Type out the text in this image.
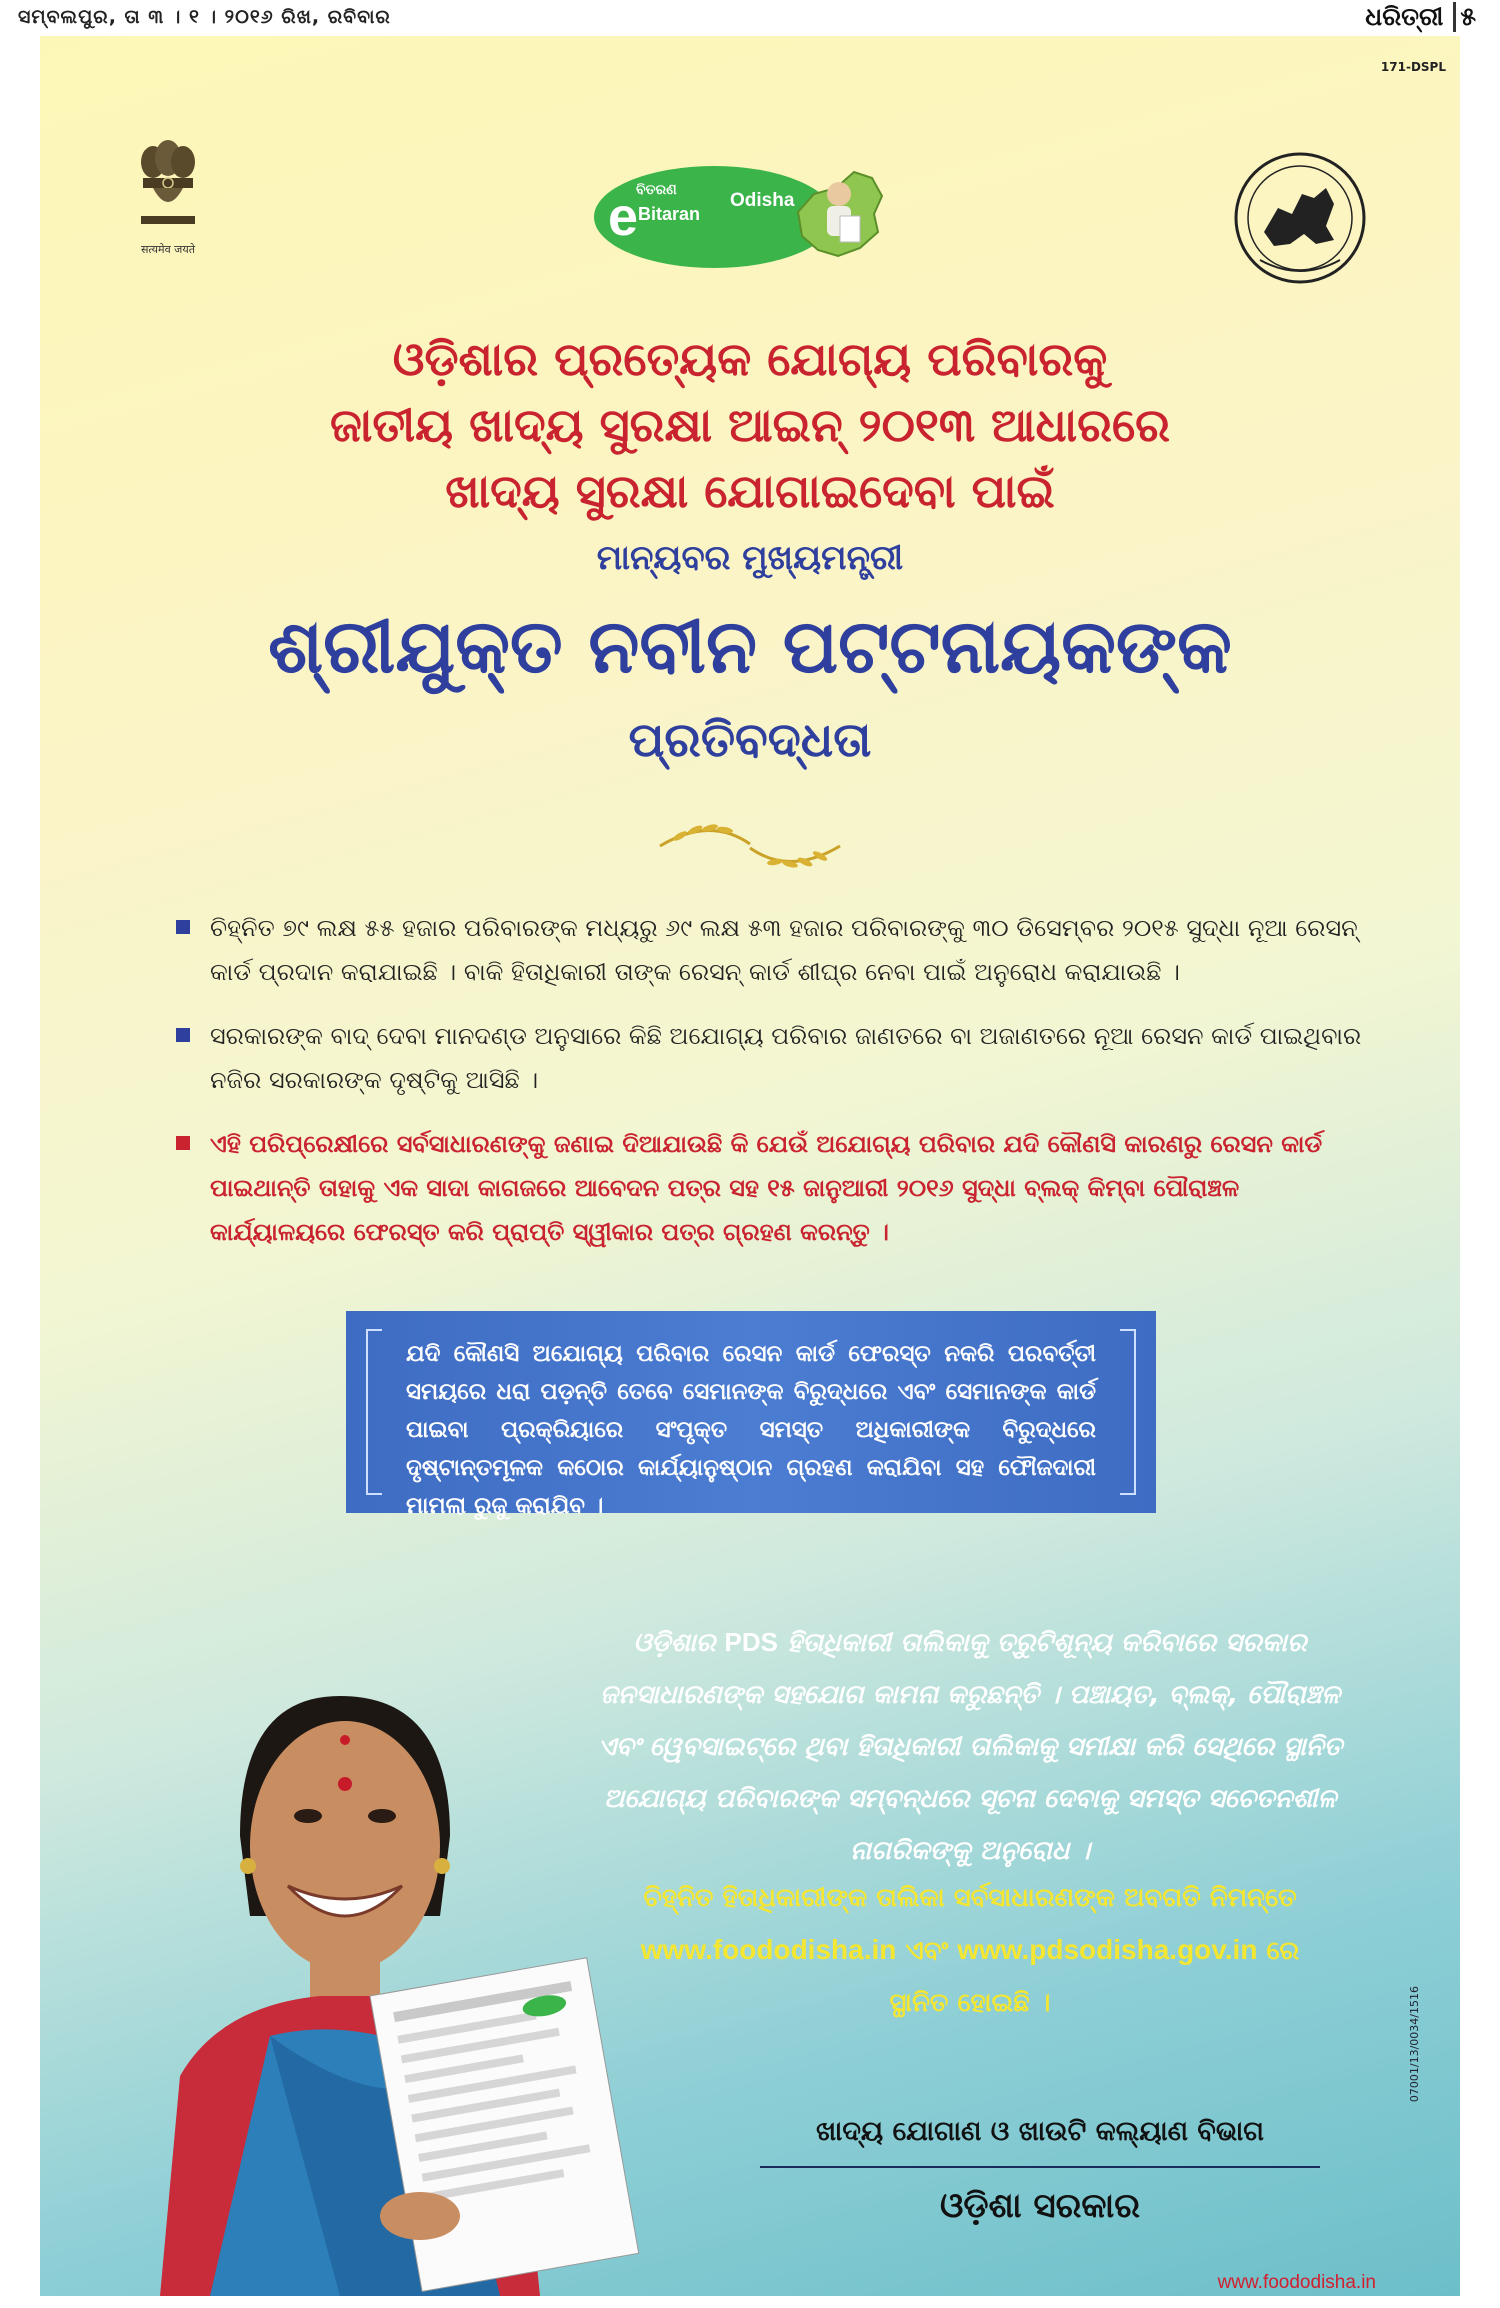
ସମ୍ବଲପୁର, ତା ୩ । ୧ । ୨୦୧୬ ରିଖ, ରବିବାର	ଧରିତ୍ରୀ ୫
171-DSPL
सत्यमेव जयते
e
ବିତରଣ
Bitaran
Odisha
ଓଡ଼ିଶାର ପ୍ରତ୍ୟେକ ଯୋଗ୍ୟ ପରିବାରକୁ
ଜାତୀୟ ଖାଦ୍ୟ ସୁରକ୍ଷା ଆଇନ୍ ୨୦୧୩ ଆଧାରରେ
ଖାଦ୍ୟ ସୁରକ୍ଷା ଯୋଗାଇଦେବା ପାଇଁ
ମାନ୍ୟବର ମୁଖ୍ୟମନ୍ତ୍ରୀ
ଶ୍ରୀଯୁକ୍ତ ନବୀନ ପଟ୍ଟନାୟକଙ୍କ
ପ୍ରତିବଦ୍ଧତା
ଚିହ୍ନିତ ୭୯ ଲକ୍ଷ ୫୫ ହଜାର ପରିବାରଙ୍କ ମଧ୍ୟରୁ ୬୯ ଲକ୍ଷ ୫୩ ହଜାର ପରିବାରଙ୍କୁ ୩୦ ଡିସେମ୍ବର ୨୦୧୫ ସୁଦ୍ଧା ନୂଆ ରେସନ୍ କାର୍ଡ ପ୍ରଦାନ କରାଯାଇଛି । ବାକି ହିତାଧିକାରୀ ତାଙ୍କ ରେସନ୍ କାର୍ଡ ଶୀଘ୍ର ନେବା ପାଇଁ ଅନୁରୋଧ କରାଯାଉଛି ।
ସରକାରଙ୍କ ବାଦ୍ ଦେବା ମାନଦଣ୍ଡ ଅନୁସାରେ କିଛି ଅଯୋଗ୍ୟ ପରିବାର ଜାଣତରେ ବା ଅଜାଣତରେ ନୂଆ ରେସନ କାର୍ଡ ପାଇଥିବାର ନଜିର ସରକାରଙ୍କ ଦୃଷ୍ଟିକୁ ଆସିଛି ।
ଏହି ପରିପ୍ରେକ୍ଷୀରେ ସର୍ବସାଧାରଣଙ୍କୁ ଜଣାଇ ଦିଆଯାଉଛି କି ଯେଉଁ ଅଯୋଗ୍ୟ ପରିବାର ଯଦି କୌଣସି କାରଣରୁ ରେସନ କାର୍ଡ ପାଇଥାନ୍ତି ତାହାକୁ ଏକ ସାଦା କାଗଜରେ ଆବେଦନ ପତ୍ର ସହ ୧୫ ଜାନୁଆରୀ ୨୦୧୬ ସୁଦ୍ଧା ବ୍ଲକ୍ କିମ୍ବା ପୌରାଞ୍ଚଳ କାର୍ଯ୍ୟାଳୟରେ ଫେରସ୍ତ କରି ପ୍ରାପ୍ତି ସ୍ୱୀକାର ପତ୍ର ଗ୍ରହଣ କରନ୍ତୁ ।
ଯଦି କୌଣସି ଅଯୋଗ୍ୟ ପରିବାର ରେସନ କାର୍ଡ ଫେରସ୍ତ ନକରି ପରବର୍ତ୍ତୀ ସମୟରେ ଧରା ପଡ଼ନ୍ତି ତେବେ ସେମାନଙ୍କ ବିରୁଦ୍ଧରେ ଏବଂ ସେମାନଙ୍କ କାର୍ଡ ପାଇବା ପ୍ରକ୍ରିୟାରେ ସଂପୃକ୍ତ ସମସ୍ତ ଅଧିକାରୀଙ୍କ ବିରୁଦ୍ଧରେ ଦୃଷ୍ଟାନ୍ତମୂଳକ କଠୋର କାର୍ଯ୍ୟାନୁଷ୍ଠାନ ଗ୍ରହଣ କରାଯିବା ସହ ଫୌଜଦାରୀ ମାମଲା ରୁଜୁ କରାଯିବ ।
ଓଡ଼ିଶାର PDS ହିତାଧିକାରୀ ତାଲିକାକୁ ତ୍ରୁଟିଶୂନ୍ୟ କରିବାରେ ସରକାର ଜନସାଧାରଣଙ୍କ ସହଯୋଗ କାମନା କରୁଛନ୍ତି । ପଞ୍ଚାୟତ, ବ୍ଲକ୍, ପୌରାଞ୍ଚଳ ଏବଂ ୱେବସାଇଟ୍‌ରେ ଥିବା ହିତାଧିକାରୀ ତାଲିକାକୁ ସମୀକ୍ଷା କରି ସେଥିରେ ସ୍ଥାନିତ ଅଯୋଗ୍ୟ ପରିବାରଙ୍କ ସମ୍ବନ୍ଧରେ ସୂଚନା ଦେବାକୁ ସମସ୍ତ ସଚେତନଶୀଳ ନାଗରିକଙ୍କୁ ଅନୁରୋଧ ।
ଚିହ୍ନିତ ହିତାଧିକାରୀଙ୍କ ତାଲିକା ସର୍ବସାଧାରଣଙ୍କ ଅବଗତି ନିମନ୍ତେ
www.foododisha.in ଏବଂ www.pdsodisha.gov.in ରେ
ସ୍ଥାନିତ ହୋଇଛି ।	07001/13/0034/1516
ଖାଦ୍ୟ ଯୋଗାଣ ଓ ଖାଉଟି କଲ୍ୟାଣ ବିଭାଗ
ଓଡ଼ିଶା ସରକାର
www.foododisha.in
